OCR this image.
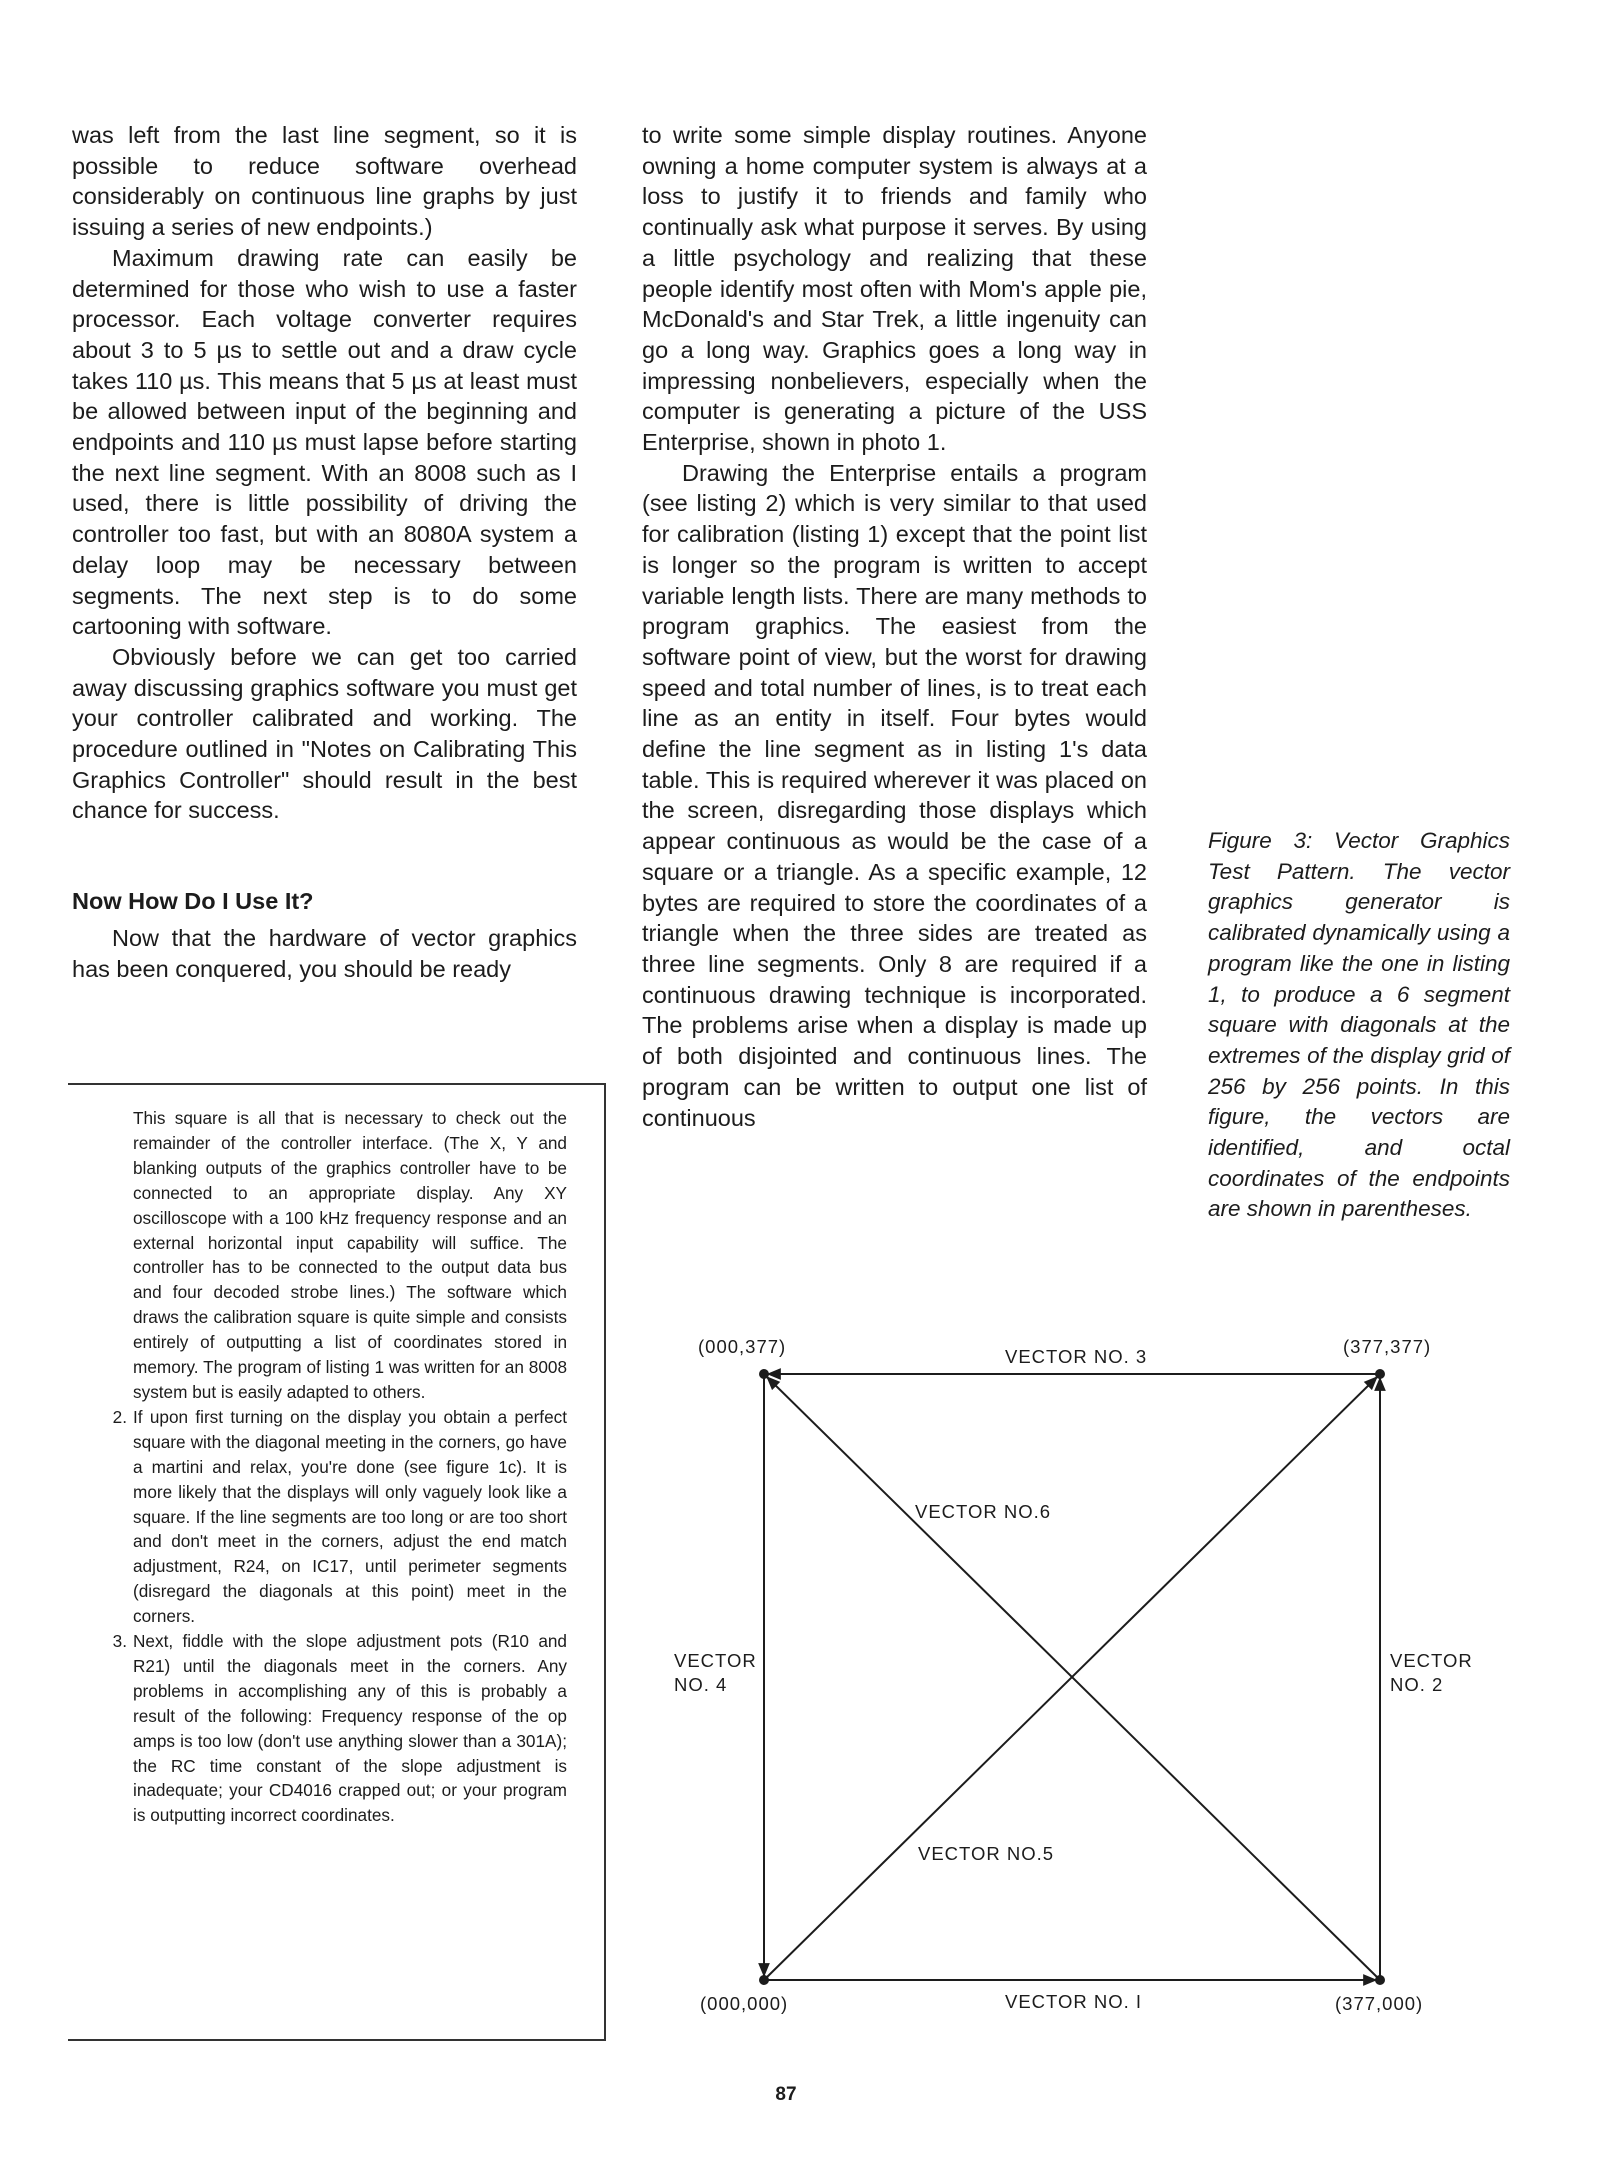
was left from the last line segment, so it is possible to reduce software overhead considerably on continuous line graphs by just issuing a series of new endpoints.)

Maximum drawing rate can easily be determined for those who wish to use a faster processor. Each voltage converter requires about 3 to 5 µs to settle out and a draw cycle takes 110 µs. This means that 5 µs at least must be allowed between input of the beginning and endpoints and 110 µs must lapse before starting the next line segment. With an 8008 such as I used, there is little possibility of driving the controller too fast, but with an 8080A system a delay loop may be necessary between segments. The next step is to do some cartooning with software.

Obviously before we can get too carried away discussing graphics software you must get your controller calibrated and working. The procedure outlined in "Notes on Calibrating This Graphics Controller" should result in the best chance for success.

Now How Do I Use It?

Now that the hardware of vector graphics has been conquered, you should be ready

to write some simple display routines. Anyone owning a home computer system is always at a loss to justify it to friends and family who continually ask what purpose it serves. By using a little psychology and realizing that these people identify most often with Mom's apple pie, McDonald's and Star Trek, a little ingenuity can go a long way. Graphics goes a long way in impressing nonbelievers, especially when the computer is generating a picture of the USS Enterprise, shown in photo 1.

Drawing the Enterprise entails a program (see listing 2) which is very similar to that used for calibration (listing 1) except that the point list is longer so the program is written to accept variable length lists. There are many methods to program graphics. The easiest from the software point of view, but the worst for drawing speed and total number of lines, is to treat each line as an entity in itself. Four bytes would define the line segment as in listing 1's data table. This is required wherever it was placed on the screen, disregarding those displays which appear continuous as would be the case of a square or a triangle. As a specific example, 12 bytes are required to store the coordinates of a triangle when the three sides are treated as three line segments. Only 8 are required if a continuous drawing technique is incorporated. The problems arise when a display is made up of both disjointed and continuous lines. The program can be written to output one list of continuous

This square is all that is necessary to check out the remainder of the controller interface. (The X, Y and blanking outputs of the graphics controller have to be connected to an appropriate display. Any XY oscilloscope with a 100 kHz frequency response and an external horizontal input capability will suffice. The controller has to be connected to the output data bus and four decoded strobe lines.) The software which draws the calibration square is quite simple and consists entirely of outputting a list of coordinates stored in memory. The program of listing 1 was written for an 8008 system but is easily adapted to others.

2. If upon first turning on the display you obtain a perfect square with the diagonal meeting in the corners, go have a martini and relax, you're done (see figure 1c). It is more likely that the displays will only vaguely look like a square. If the line segments are too long or are too short and don't meet in the corners, adjust the end match adjustment, R24, on IC17, until perimeter segments (disregard the diagonals at this point) meet in the corners.
3. Next, fiddle with the slope adjustment pots (R10 and R21) until the diagonals meet in the corners. Any problems in accomplishing any of this is probably a result of the following: Frequency response of the op amps is too low (don't use anything slower than a 301A); the RC time constant of the slope adjustment is inadequate; your CD4016 crapped out; or your program is outputting incorrect coordinates.
Figure 3: Vector Graphics Test Pattern. The vector graphics generator is calibrated dynamically using a program like the one in listing 1, to produce a 6 segment square with diagonals at the extremes of the display grid of 256 by 256 points. In this figure, the vectors are identified, and octal coordinates of the endpoints are shown in parentheses.
(000,377)	(377,377)
(000,000)	(377,000)
VECTOR NO. 3
VECTOR NO. I
VECTOR NO.6
VECTOR NO.5
VECTOR
NO. 4
VECTOR
NO. 2
87
